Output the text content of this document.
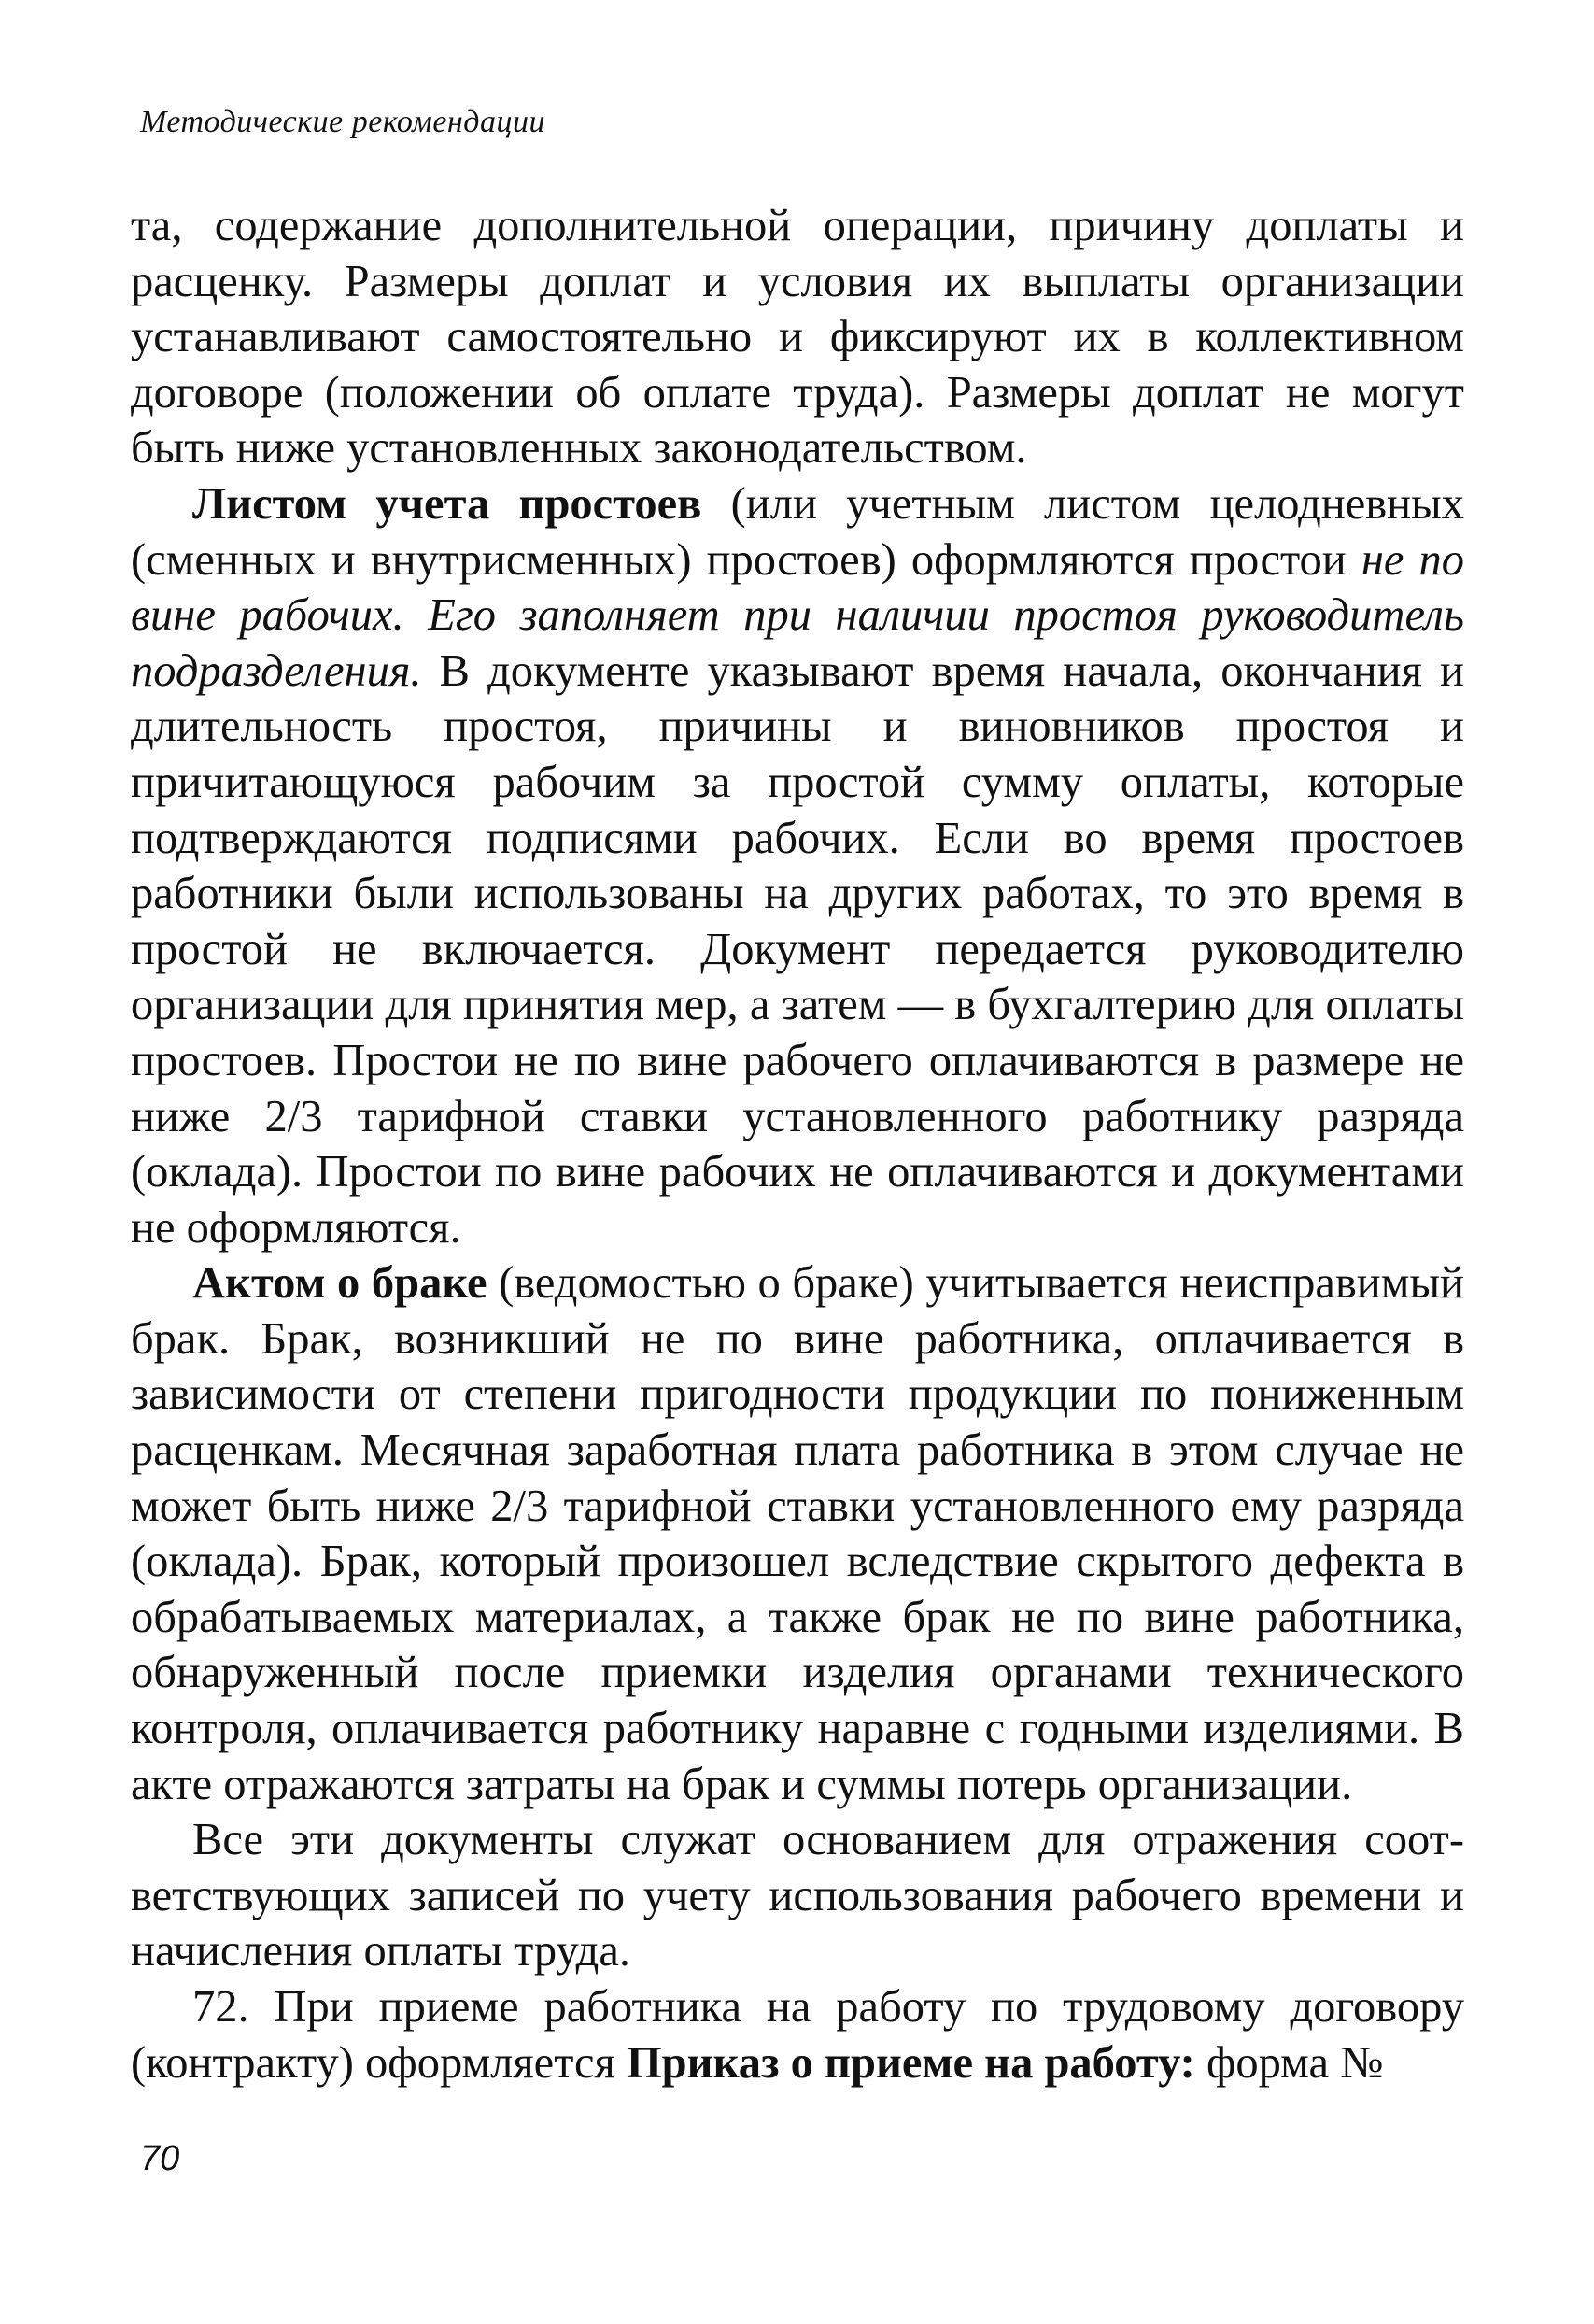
Методические рекомендации

та, содержание дополнительной операции, причину доплаты и расценку. Размеры доплат и условия их выплаты организации устанавливают самостоятельно и фиксируют их в коллективном договоре (положении об оплате труда). Размеры доплат не могут быть ниже установленных законодательством.

Листом учета простоев (или учетным листом целодневных (сменных и внутрисменных) простоев) оформляются простои не по вине рабочих. Его заполняет при наличии простоя руководитель подразделения. В документе указывают время начала, окончания и длительность простоя, причины и виновников простоя и причитающуюся рабочим за простой сумму оплаты, которые подтверждаются подписями рабочих. Если во время простоев работники были использованы на других работах, то это время в простой не включается. Документ передается руководителю организации для принятия мер, а затем — в бухгалтерию для оплаты простоев. Простои не по вине рабочего оплачиваются в размере не ниже 2/3 тарифной ставки установленного работнику разряда (оклада). Простои по вине рабочих не оплачиваются и документами не оформляются.

Актом о браке (ведомостью о браке) учитывается неисправимый брак. Брак, возникший не по вине работника, оплачивается в зависимости от степени пригодности продукции по пониженным расценкам. Месячная заработная плата работника в этом случае не может быть ниже 2/3 тарифной ставки установленного ему разряда (оклада). Брак, который произошел вследствие скрытого дефекта в обрабатываемых материалах, а также брак не по вине работника, обнаруженный после приемки изделия органами технического контроля, оплачивается работнику наравне с годными изделиями. В акте отражаются затраты на брак и суммы потерь организации.

Все эти документы служат основанием для отражения соответствующих записей по учету использования рабочего времени и начисления оплаты труда.

72. При приеме работника на работу по трудовому договору (контракту) оформляется Приказ о приеме на работу: форма №

70
